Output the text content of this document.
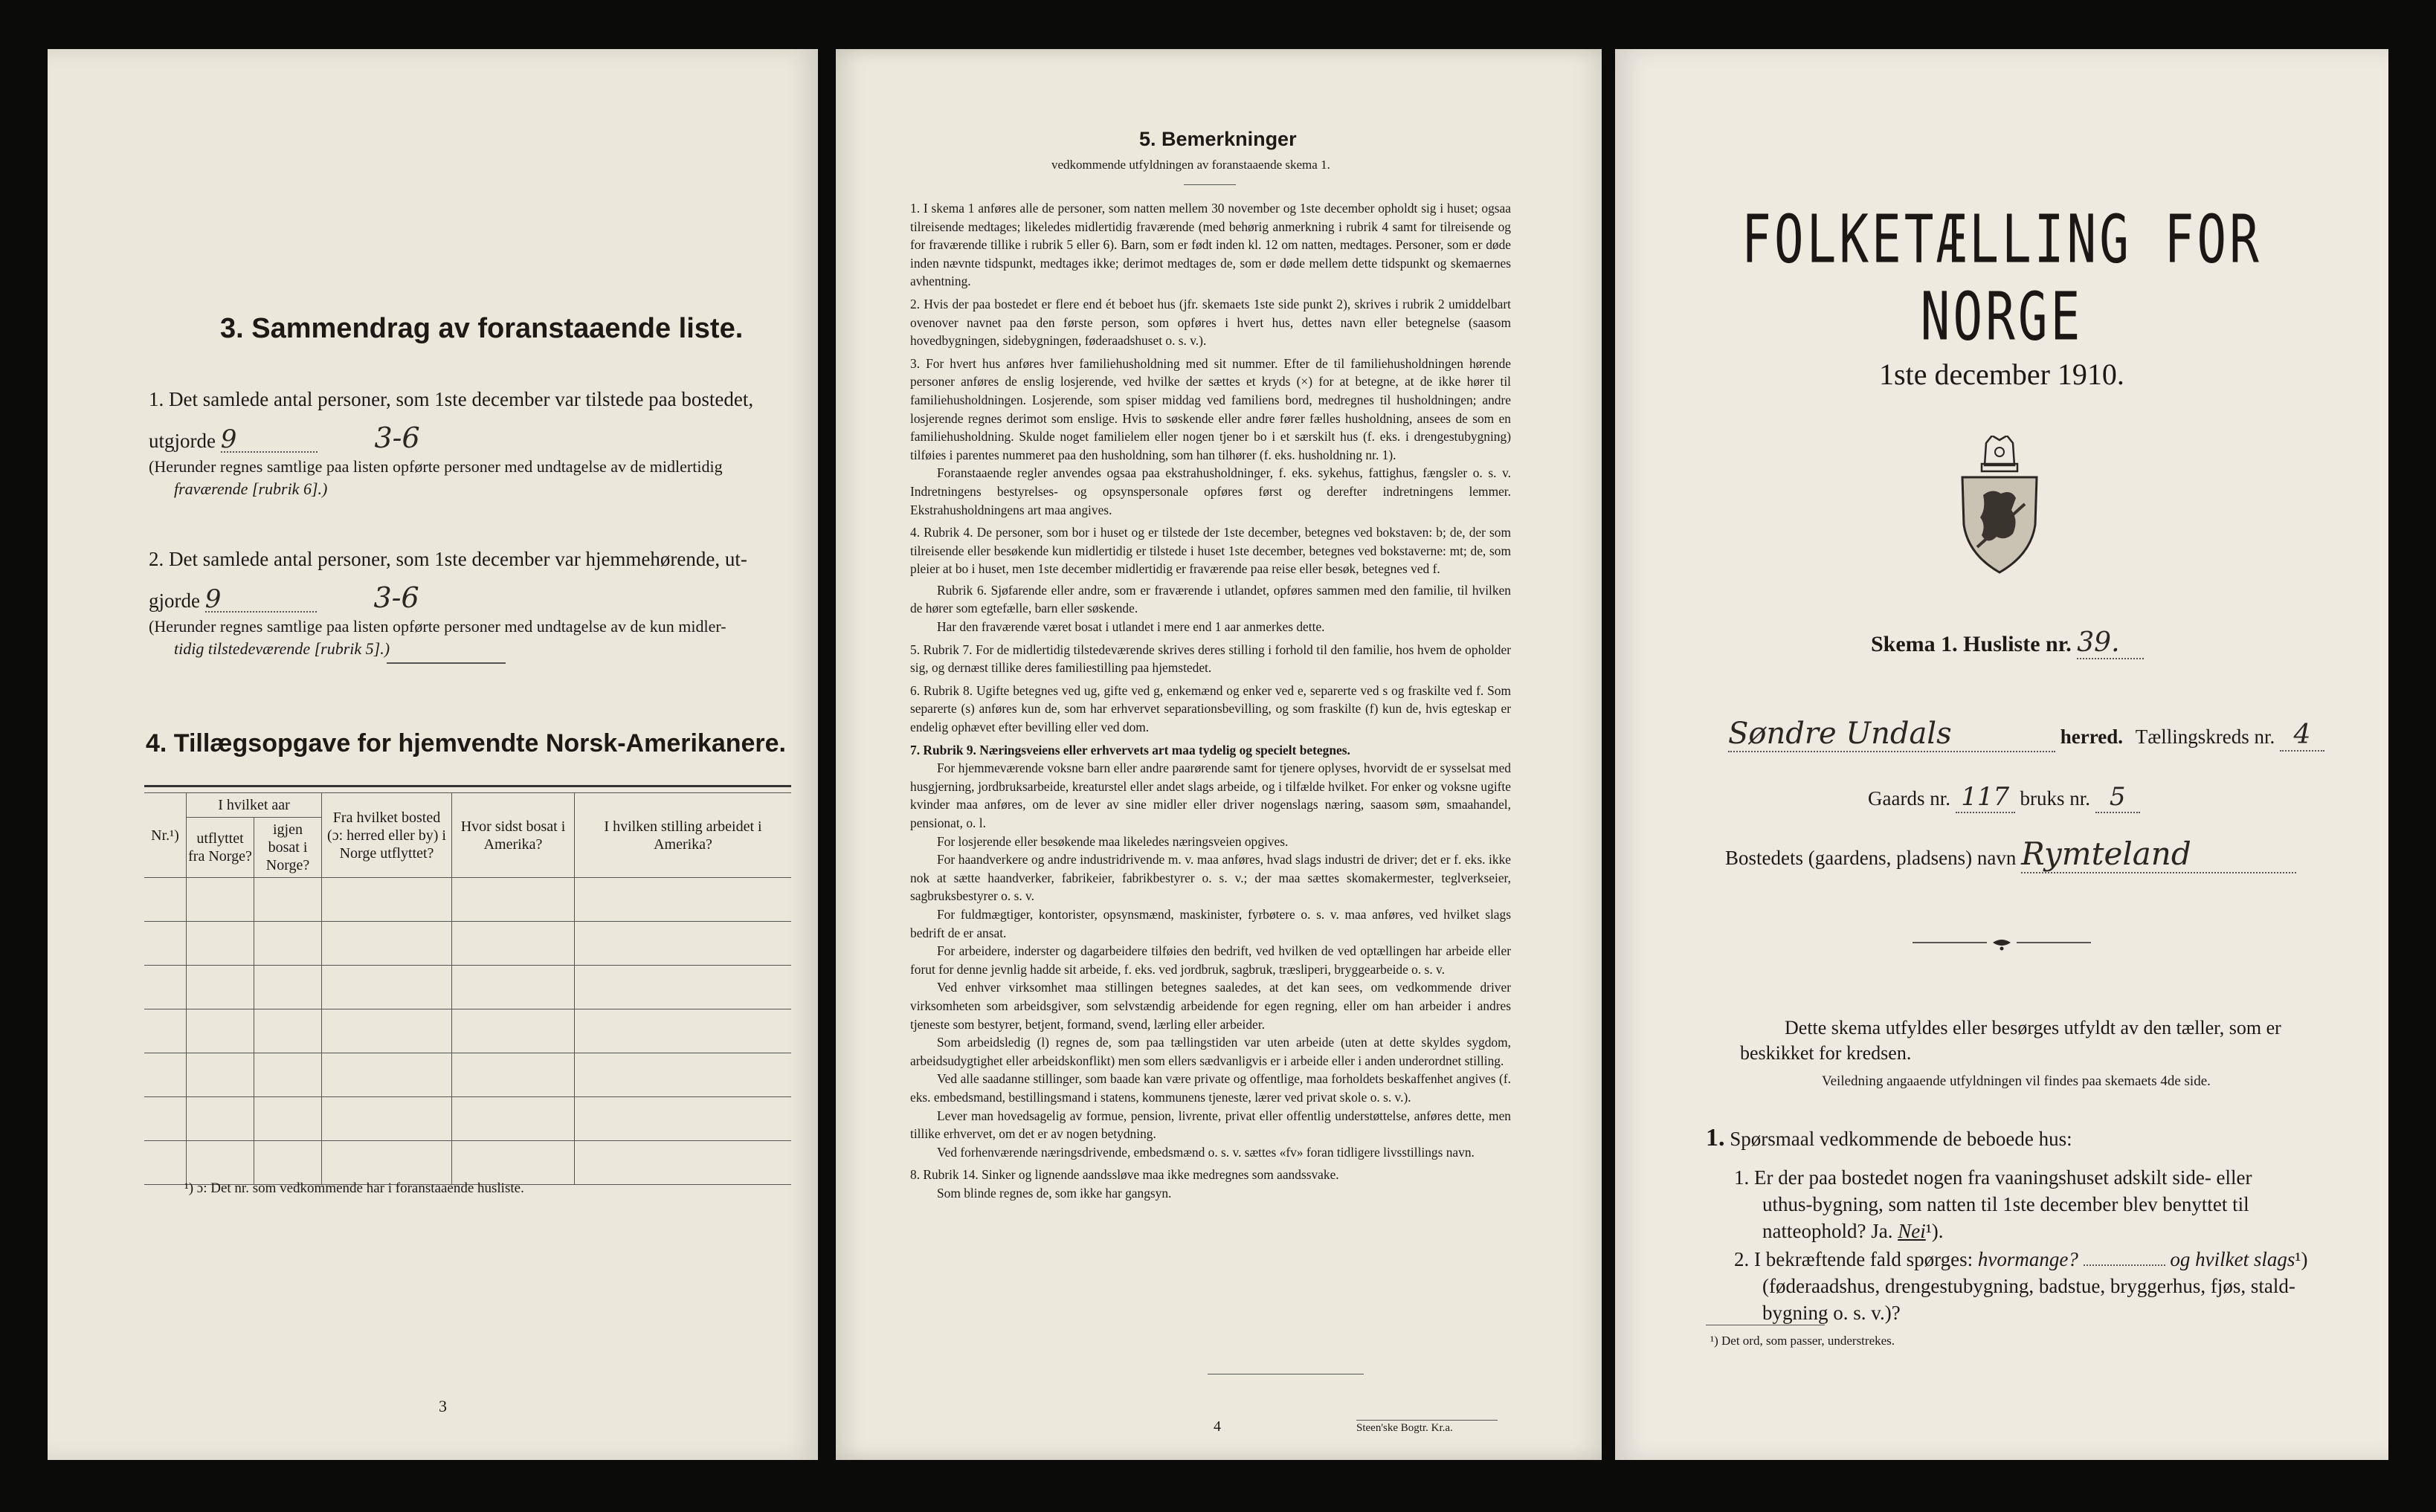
3. Sammendrag av foranstaaende liste.
1. Det samlede antal personer, som 1ste december var tilstede paa bostedet,
utgjorde 9	3-6
(Herunder regnes samtlige paa listen opførte personer med undtagelse av de midlertidig
fraværende [rubrik 6].)
2. Det samlede antal personer, som 1ste december var hjemmehørende, ut-
gjorde 9	3-6
(Herunder regnes samtlige paa listen opførte personer med undtagelse av de kun midler-
tidig tilstedeværende [rubrik 5].)
4. Tillægsopgave for hjemvendte Norsk-Amerikanere.
Nr.¹)	I hvilket aar		Fra hvilket bosted (ɔ: herred eller by) i Norge utflyttet?	Hvor sidst bosat i Amerika?	I hvilken stilling arbeidet i Amerika?
	utflyttet fra Norge?	igjen bosat i Norge?			

¹) ɔ: Det nr. som vedkommende har i foranstaaende husliste.
3
5. Bemerkninger
vedkommende utfyldningen av foranstaaende skema 1.

1. I skema 1 anføres alle de personer, som natten mellem 30 november og 1ste december opholdt sig i huset; ogsaa tilreisende medtages; likeledes midlertidig fraværende (med behørig anmerkning i rubrik 4 samt for tilreisende og for fraværende tillike i rubrik 5 eller 6). Barn, som er født inden kl. 12 om natten, medtages. Personer, som er døde inden nævnte tidspunkt, medtages ikke; derimot medtages de, som er døde mellem dette tidspunkt og skemaernes avhentning.

2. Hvis der paa bostedet er flere end ét beboet hus (jfr. skemaets 1ste side punkt 2), skrives i rubrik 2 umiddelbart ovenover navnet paa den første person, som opføres i hvert hus, dettes navn eller betegnelse (saasom hovedbygningen, sidebygningen, føderaadshuset o. s. v.).

3. For hvert hus anføres hver familiehusholdning med sit nummer. Efter de til familiehusholdningen hørende personer anføres de enslig losjerende, ved hvilke der sættes et kryds (×) for at betegne, at de ikke hører til familiehusholdningen. Losjerende, som spiser middag ved familiens bord, medregnes til husholdningen; andre losjerende regnes derimot som enslige. Hvis to søskende eller andre fører fælles husholdning, ansees de som en familiehusholdning. Skulde noget familielem eller nogen tjener bo i et særskilt hus (f. eks. i drengestubygning) tilføies i parentes nummeret paa den husholdning, som han tilhører (f. eks. husholdning nr. 1).

Foranstaaende regler anvendes ogsaa paa ekstrahusholdninger, f. eks. sykehus, fattighus, fængsler o. s. v. Indretningens bestyrelses- og opsynspersonale opføres først og derefter indretningens lemmer. Ekstrahusholdningens art maa angives.

4. Rubrik 4. De personer, som bor i huset og er tilstede der 1ste december, betegnes ved bokstaven: b; de, der som tilreisende eller besøkende kun midlertidig er tilstede i huset 1ste december, betegnes ved bokstaverne: mt; de, som pleier at bo i huset, men 1ste december midlertidig er fraværende paa reise eller besøk, betegnes ved f.

Rubrik 6. Sjøfarende eller andre, som er fraværende i utlandet, opføres sammen med den familie, til hvilken de hører som egtefælle, barn eller søskende.

Har den fraværende været bosat i utlandet i mere end 1 aar anmerkes dette.

5. Rubrik 7. For de midlertidig tilstedeværende skrives deres stilling i forhold til den familie, hos hvem de opholder sig, og dernæst tillike deres familiestilling paa hjemstedet.

6. Rubrik 8. Ugifte betegnes ved ug, gifte ved g, enkemænd og enker ved e, separerte ved s og fraskilte ved f. Som separerte (s) anføres kun de, som har erhvervet separationsbevilling, og som fraskilte (f) kun de, hvis egteskap er endelig ophævet efter bevilling eller ved dom.

7. Rubrik 9. Næringsveiens eller erhvervets art maa tydelig og specielt betegnes.

For hjemmeværende voksne barn eller andre paarørende samt for tjenere oplyses, hvorvidt de er sysselsat med husgjerning, jordbruksarbeide, kreaturstel eller andet slags arbeide, og i tilfælde hvilket. For enker og voksne ugifte kvinder maa anføres, om de lever av sine midler eller driver nogenslags næring, saasom søm, smaahandel, pensionat, o. l.

For losjerende eller besøkende maa likeledes næringsveien opgives.

For haandverkere og andre industridrivende m. v. maa anføres, hvad slags industri de driver; det er f. eks. ikke nok at sætte haandverker, fabrikeier, fabrikbestyrer o. s. v.; der maa sættes skomakermester, teglverkseier, sagbruksbestyrer o. s. v.

For fuldmægtiger, kontorister, opsynsmænd, maskinister, fyrbøtere o. s. v. maa anføres, ved hvilket slags bedrift de er ansat.

For arbeidere, inderster og dagarbeidere tilføies den bedrift, ved hvilken de ved optællingen har arbeide eller forut for denne jevnlig hadde sit arbeide, f. eks. ved jordbruk, sagbruk, træsliperi, bryggearbeide o. s. v.

Ved enhver virksomhet maa stillingen betegnes saaledes, at det kan sees, om vedkommende driver virksomheten som arbeidsgiver, som selvstændig arbeidende for egen regning, eller om han arbeider i andres tjeneste som bestyrer, betjent, formand, svend, lærling eller arbeider.

Som arbeidsledig (l) regnes de, som paa tællingstiden var uten arbeide (uten at dette skyldes sygdom, arbeidsudygtighet eller arbeidskonflikt) men som ellers sædvanligvis er i arbeide eller i anden underordnet stilling.

Ved alle saadanne stillinger, som baade kan være private og offentlige, maa forholdets beskaffenhet angives (f. eks. embedsmand, bestillingsmand i statens, kommunens tjeneste, lærer ved privat skole o. s. v.).

Lever man hovedsagelig av formue, pension, livrente, privat eller offentlig understøttelse, anføres dette, men tillike erhvervet, om det er av nogen betydning.

Ved forhenværende næringsdrivende, embedsmænd o. s. v. sættes «fv» foran tidligere livsstillings navn.

8. Rubrik 14. Sinker og lignende aandssløve maa ikke medregnes som aandssvake.

Som blinde regnes de, som ikke har gangsyn.

4	Steen'ske Bogtr. Kr.a.
FOLKETÆLLING FOR NORGE
1ste december 1910.
Skema 1. Husliste nr. 39.
Søndre Undals	herred. Tællingskreds nr. 4
Gaards nr. 117 bruks nr. 5
Bostedets (gaardens, pladsens) navn Rymteland
Dette skema utfyldes eller besørges utfyldt av den tæller, som er
beskikket for kredsen.
Veiledning angaaende utfyldningen vil findes paa skemaets 4de side.
1. Spørsmaal vedkommende de beboede hus:
1. Er der paa bostedet nogen fra vaaningshuset adskilt side- eller
uthus-bygning, som natten til 1ste december blev benyttet til
natteophold? Ja. Nei¹).
2. I bekræftende fald spørges: hvormange?	og hvilket slags¹)
(føderaadshus, drengestubygning, badstue, bryggerhus, fjøs, stald-
bygning o. s. v.)?
¹) Det ord, som passer, understrekes.
